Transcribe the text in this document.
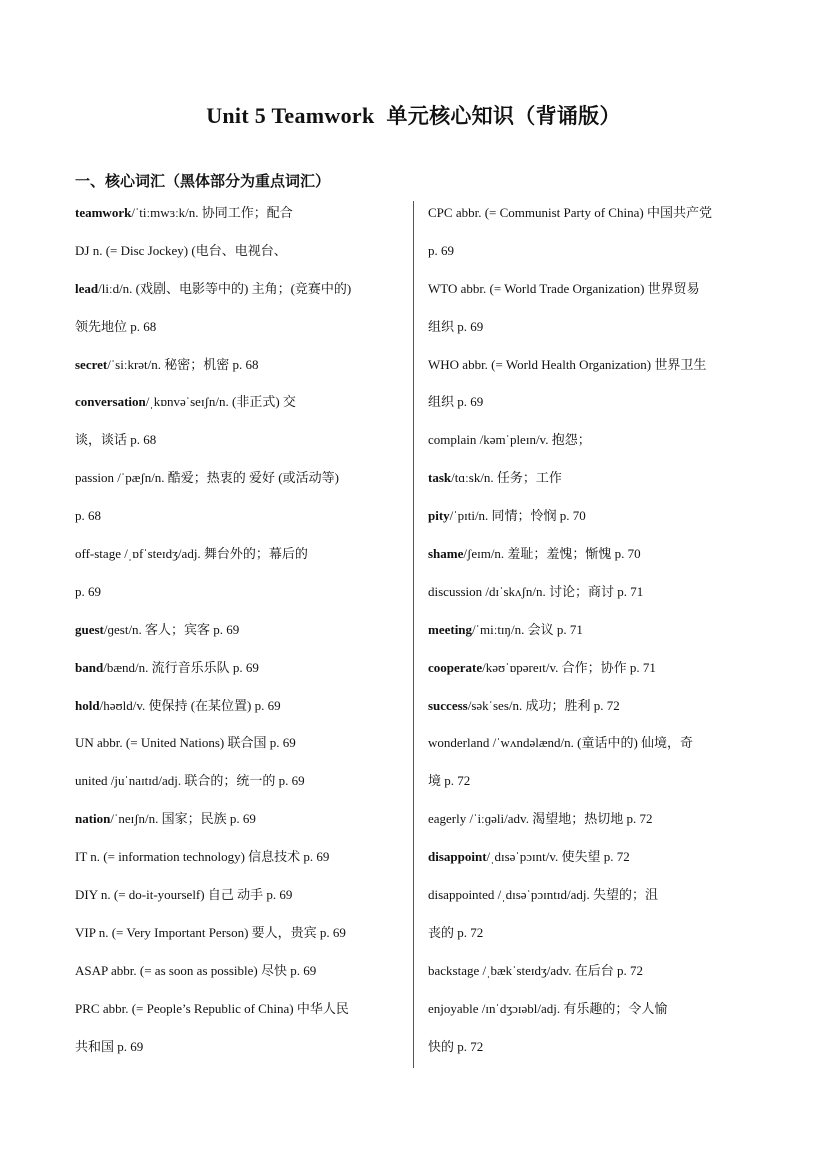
Unit 5 Teamwork 单元核心知识（背诵版）
一、核心词汇（黑体部分为重点词汇）
teamwork/ˈtiːmwɜːk/n. 协同工作；配合
DJ n. (= Disc Jockey) (电台、电视台、
lead/liːd/n. (戏剧、电影等中的) 主角；(竞赛中的)
领先地位 p. 68
secret/ˈsiːkrət/n. 秘密；机密 p. 68
conversation/ˌkɒnvəˈseɪʃn/n. (非正式) 交
谈，谈话 p. 68
passion /ˈpæʃn/n. 酷爱；热衷的 爱好 (或活动等)
p. 68
off-stage /ˌɒfˈsteɪdʒ/adj. 舞台外的；幕后的
p. 69
guest/ɡest/n. 客人；宾客 p. 69
band/bænd/n. 流行音乐乐队 p. 69
hold/həʊld/v. 使保持 (在某位置) p. 69
UN abbr. (= United Nations) 联合国 p. 69
united /juˈnaɪtɪd/adj. 联合的；统一的 p. 69
nation/ˈneɪʃn/n. 国家；民族 p. 69
IT n. (= information technology) 信息技术 p. 69
DIY n. (= do-it-yourself) 自己 动手 p. 69
VIP n. (= Very Important Person) 要人，贵宾 p. 69
ASAP abbr. (= as soon as possible) 尽快 p. 69
PRC abbr. (= People’s Republic of China) 中华人民
共和国 p. 69
CPC abbr. (= Communist Party of China) 中国共产党
p. 69
WTO abbr. (= World Trade Organization) 世界贸易
组织 p. 69
WHO abbr. (= World Health Organization) 世界卫生
组织 p. 69
complain /kəmˈpleɪn/v. 抱怨；
task/tɑːsk/n. 任务；工作
pity/ˈpɪti/n. 同情；怜悯 p. 70
shame/ʃeɪm/n. 羞耻；羞愧；惭愧 p. 70
discussion /dɪˈskʌʃn/n. 讨论；商讨 p. 71
meeting/ˈmiːtɪŋ/n. 会议 p. 71
cooperate/kəʊˈɒpəreɪt/v. 合作；协作 p. 71
success/səkˈses/n. 成功；胜利 p. 72
wonderland /ˈwʌndəlænd/n. (童话中的) 仙境，奇
境 p. 72
eagerly /ˈiːɡəli/adv. 渴望地；热切地 p. 72
disappoint/ˌdɪsəˈpɔɪnt/v. 使失望 p. 72
disappointed /ˌdɪsəˈpɔɪntɪd/adj. 失望的；沮
丧的 p. 72
backstage /ˌbækˈsteɪdʒ/adv. 在后台 p. 72
enjoyable /ɪnˈdʒɔɪəbl/adj. 有乐趣的；令人愉
快的 p. 72
